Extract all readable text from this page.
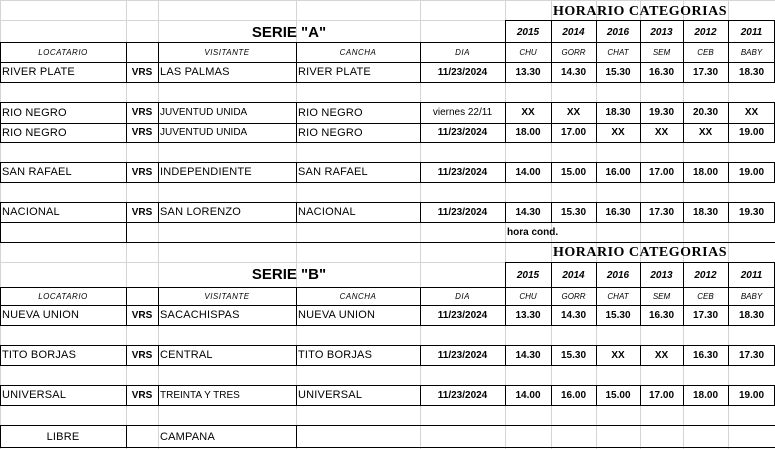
HORARIO CATEGORIAS
SERIE "A"	2015	2014	2016	2013	2012	2011
LOCATARIO	VISITANTE	CANCHA	DIA	CHU	GORR	CHAT	SEM	CEB	BABY
RIVER PLATE	VRS LAS PALMAS	RIVER PLATE	11/23/2024	13.30	14.30	15.30	16.30	17.30	18.30
RIO NEGRO	VRS JUVENTUD UNIDA	RIO NEGRO	viernes 22/11	XX	XX	18.30	19.30	20.30	XX
RIO NEGRO	VRS JUVENTUD UNIDA	RIO NEGRO	11/23/2024	18.00	17.00	XX	XX	XX	19.00
SAN RAFAEL	VRS INDEPENDIENTE	SAN RAFAEL	11/23/2024	14.00	15.00	16.00	17.00	18.00	19.00
NACIONAL	VRS SAN LORENZO	NACIONAL	11/23/2024	14.30	15.30	16.30	17.30	18.30	19.30
hora cond.
HORARIO CATEGORIAS
SERIE "B"	2015	2014	2016	2013	2012	2011
LOCATARIO	VISITANTE	CANCHA	DIA	CHU	GORR	CHAT	SEM	CEB	BABY
NUEVA UNION	VRS SACACHISPAS	NUEVA UNION	11/23/2024	13.30	14.30	15.30	16.30	17.30	18.30
TITO BORJAS	VRS CENTRAL	TITO BORJAS	11/23/2024	14.30	15.30	XX	XX	16.30	17.30
UNIVERSAL	VRS TREINTA Y TRES	UNIVERSAL	11/23/2024	14.00	16.00	15.00	17.00	18.00	19.00
LIBRE	CAMPANA
